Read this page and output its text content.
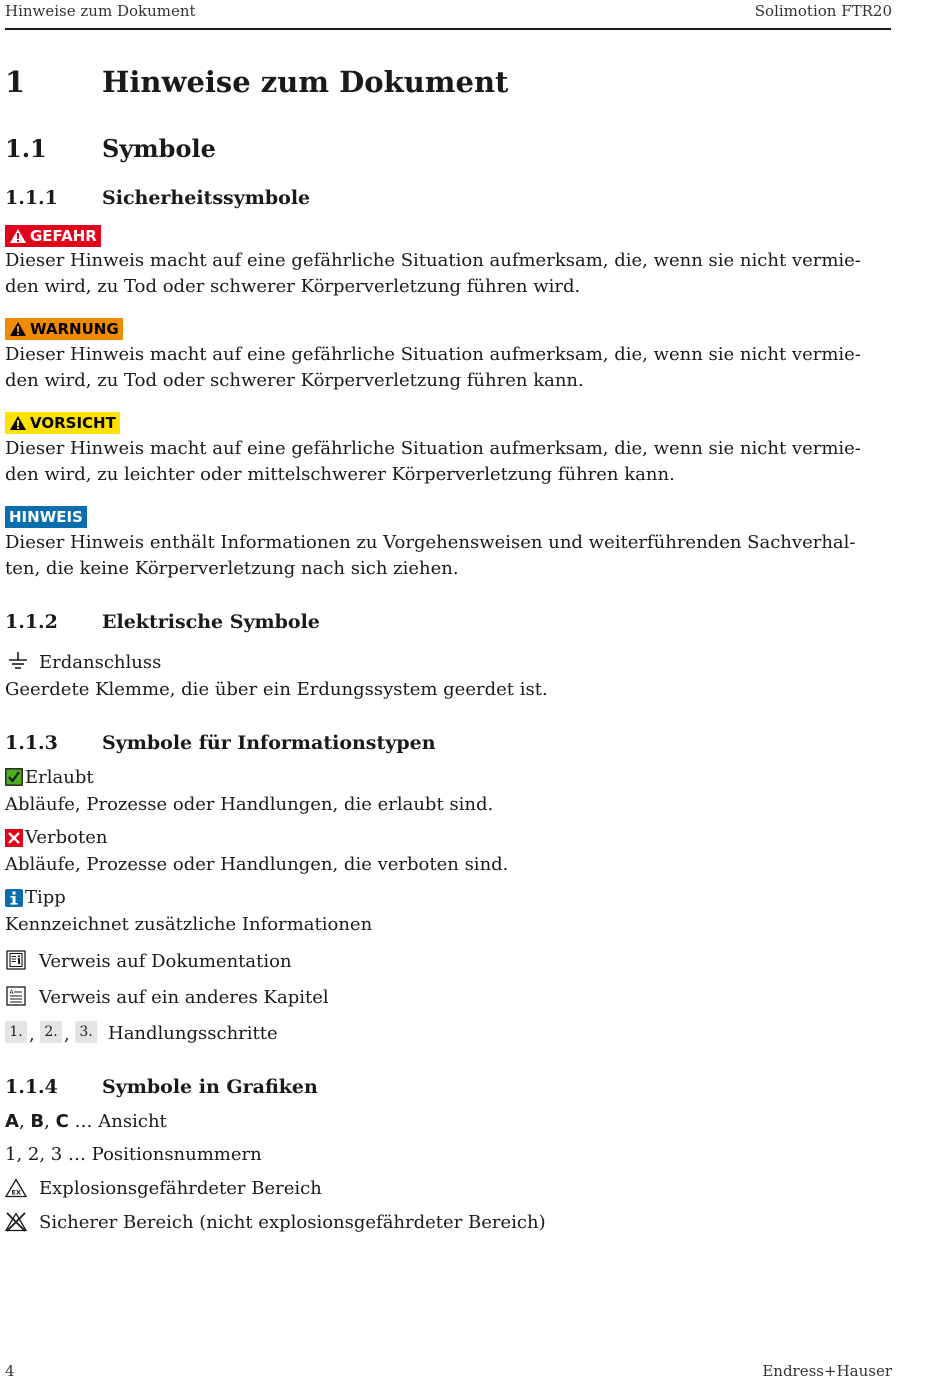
Hinweise zum Dokument	Solimotion FTR20
1	Hinweise zum Dokument
1.1 Symbole
1.1.1 Sicherheitssymbole
GEFAHR
Dieser Hinweis macht auf eine gefährliche Situation aufmerksam, die, wenn sie nicht vermie-
den wird, zu Tod oder schwerer Körperverletzung führen wird.
WARNUNG
Dieser Hinweis macht auf eine gefährliche Situation aufmerksam, die, wenn sie nicht vermie-
den wird, zu Tod oder schwerer Körperverletzung führen kann.
VORSICHT
Dieser Hinweis macht auf eine gefährliche Situation aufmerksam, die, wenn sie nicht vermie-
den wird, zu leichter oder mittelschwerer Körperverletzung führen kann.
HINWEIS
Dieser Hinweis enthält Informationen zu Vorgehensweisen und weiterführenden Sachverhal-
ten, die keine Körperverletzung nach sich ziehen.
1.1.2 Elektrische Symbole
Erdanschluss
Geerdete Klemme, die über ein Erdungssystem geerdet ist.
1.1.3 Symbole für Informationstypen
Erlaubt
Abläufe, Prozesse oder Handlungen, die erlaubt sind.
Verboten
Abläufe, Prozesse oder Handlungen, die verboten sind.
Tipp
Kennzeichnet zusätzliche Informationen
Verweis auf Dokumentation
A Verweis auf ein anderes Kapitel
1. , 2. , 3. Handlungsschritte
1.1.4 Symbole in Grafiken
A, B, C … Ansicht
1, 2, 3 … Positionsnummern
EX Explosionsgefährdeter Bereich
Sicherer Bereich (nicht explosionsgefährdeter Bereich)
4	Endress+Hauser
